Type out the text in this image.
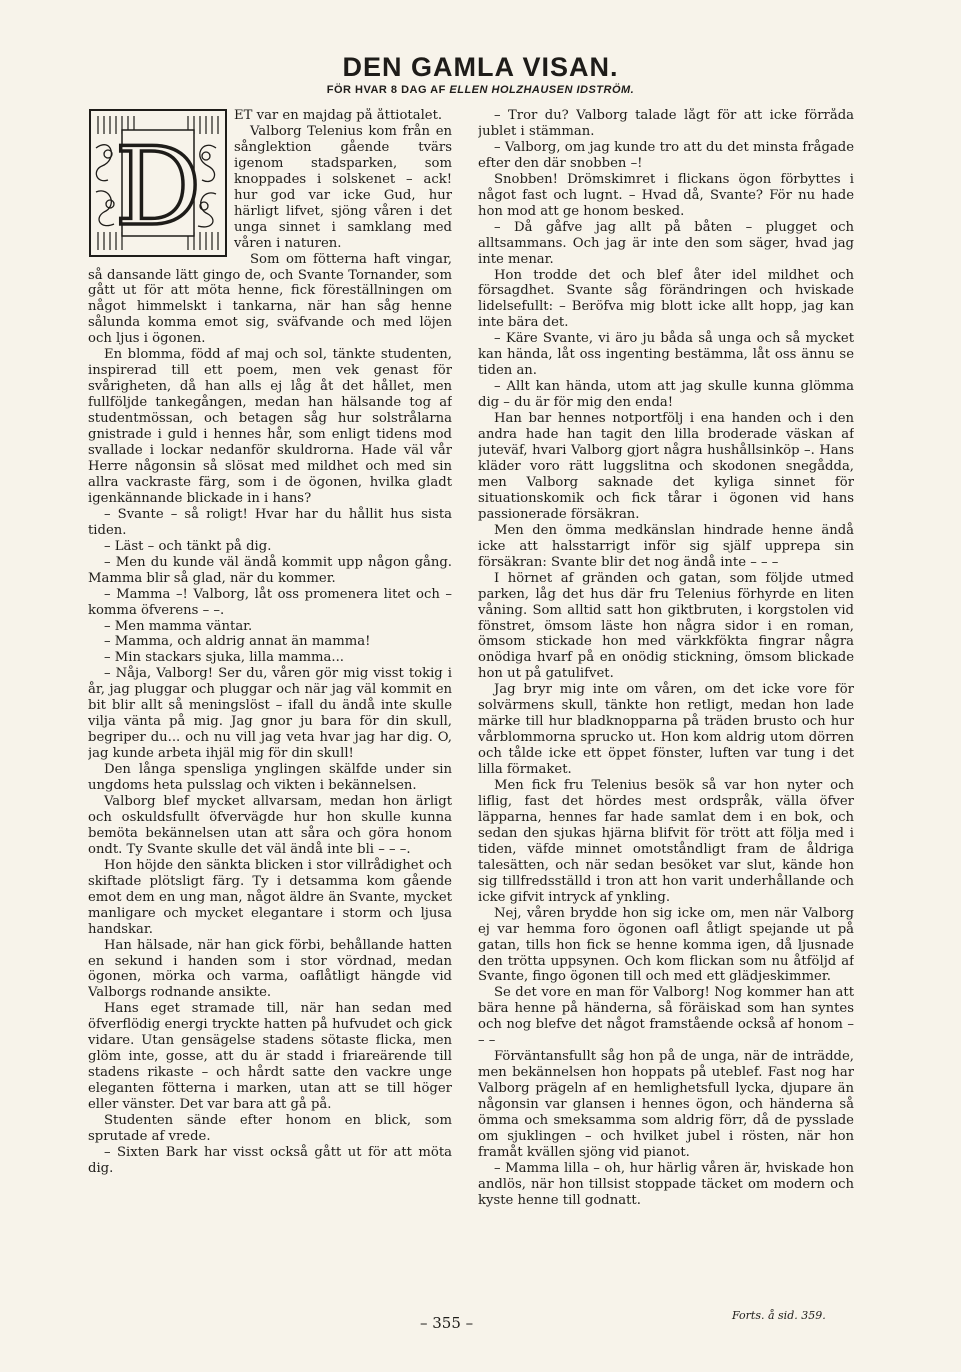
DEN GAMLA VISAN.
FÖR HVAR 8 DAG AF ELLEN HOLZHAUSEN IDSTRÖM.
D

ET var en majdag på åttiotalet.

Valborg Telenius kom från en sånglektion gående tvärs igenom stadsparken, som knoppades i solskenet – ack! hur god var icke Gud, hur härligt lifvet, sjöng våren i det unga sinnet i samklang med våren i naturen.

Som om fötterna haft vingar, så dansande lätt gingo de, och Svante Tornander, som gått ut för att möta henne, fick föreställningen om något himmelskt i tankarna, när han såg henne sålunda komma emot sig, sväfvande och med löjen och ljus i ögonen.

En blomma, född af maj och sol, tänkte studenten, inspirerad till ett poem, men vek genast för svårigheten, då han alls ej låg åt det hållet, men fullföljde tankegången, medan han hälsande tog af studentmössan, och betagen såg hur solstrålarna gnistrade i guld i hennes hår, som enligt tidens mod svallade i lockar nedanför skuldrorna. Hade väl vår Herre någonsin så slösat med mildhet och med sin allra vackraste färg, som i de ögonen, hvilka gladt igenkännande blickade in i hans?

– Svante – så roligt! Hvar har du hållit hus sista tiden.

– Läst – och tänkt på dig.

– Men du kunde väl ändå kommit upp någon gång. Mamma blir så glad, när du kommer.

– Mamma –! Valborg, låt oss promenera litet och – komma öfverens – –.

– Men mamma väntar.

– Mamma, och aldrig annat än mamma!

– Min stackars sjuka, lilla mamma...

– Nåja, Valborg! Ser du, våren gör mig visst tokig i år, jag pluggar och pluggar och när jag väl kommit en bit blir allt så meningslöst – ifall du ändå inte skulle vilja vänta på mig. Jag gnor ju bara för din skull, begriper du... och nu vill jag veta hvar jag har dig. O, jag kunde arbeta ihjäl mig för din skull!

Den långa spensliga ynglingen skälfde under sin ungdoms heta pulsslag och vikten i bekännelsen.

Valborg blef mycket allvarsam, medan hon ärligt och oskuldsfullt öfvervägde hur hon skulle kunna bemöta bekännelsen utan att såra och göra honom ondt. Ty Svante skulle det väl ändå inte bli – – –.

Hon höjde den sänkta blicken i stor villrådighet och skiftade plötsligt färg. Ty i detsamma kom gående emot dem en ung man, något äldre än Svante, mycket manligare och mycket elegantare i storm och ljusa handskar.

Han hälsade, när han gick förbi, behållande hatten en sekund i handen som i stor vördnad, medan ögonen, mörka och varma, oaflåtligt hängde vid Valborgs rodnande ansikte.

Hans eget stramade till, när han sedan med öfverflödig energi tryckte hatten på hufvudet och gick vidare. Utan gensägelse stadens sötaste flicka, men glöm inte, gosse, att du är stadd i friareärende till stadens rikaste – och hårdt satte den vackre unge eleganten fötterna i marken, utan att se till höger eller vänster. Det var bara att gå på.

Studenten sände efter honom en blick, som sprutade af vrede.

– Sixten Bark har visst också gått ut för att möta dig.

– Tror du? Valborg talade lågt för att icke förråda jublet i stämman.

– Valborg, om jag kunde tro att du det minsta frågade efter den där snobben –!

Snobben! Drömskimret i flickans ögon förbyttes i något fast och lugnt. – Hvad då, Svante? För nu hade hon mod att ge honom besked.

– Då gåfve jag allt på båten – plugget och alltsammans. Och jag är inte den som säger, hvad jag inte menar.

Hon trodde det och blef åter idel mildhet och försagdhet. Svante såg förändringen och hviskade lidelsefullt: – Beröfva mig blott icke allt hopp, jag kan inte bära det.

– Käre Svante, vi äro ju båda så unga och så mycket kan hända, låt oss ingenting bestämma, låt oss ännu se tiden an.

– Allt kan hända, utom att jag skulle kunna glömma dig – du är för mig den enda!

Han bar hennes notportfölj i ena handen och i den andra hade han tagit den lilla broderade väskan af juteväf, hvari Valborg gjort några hushållsinköp –. Hans kläder voro rätt luggslitna och skodonen snegådda, men Valborg saknade det kyliga sinnet för situationskomik och fick tårar i ögonen vid hans passionerade försäkran.

Men den ömma medkänslan hindrade henne ändå icke att halsstarrigt inför sig själf upprepa sin försäkran: Svante blir det nog ändå inte – – –

I hörnet af gränden och gatan, som följde utmed parken, låg det hus där fru Telenius förhyrde en liten våning. Som alltid satt hon giktbruten, i korgstolen vid fönstret, ömsom läste hon några sidor i en roman, ömsom stickade hon med värkkföktа fingrar några onödiga hvarf på en onödig stickning, ömsom blickade hon ut på gatulifvet.

Jag bryr mig inte om våren, om det icke vore för solvärmens skull, tänkte hon retligt, medan hon lade märke till hur bladknopparna på träden brusto och hur vårblommorna sprucko ut. Hon kom aldrig utom dörren och tålde icke ett öppet fönster, luften var tung i det lilla förmaket.

Men fick fru Telenius besök så var hon nyter och liflig, fast det hördes mest ordspråk, välla öfver läpparna, hennes far hade samlat dem i en bok, och sedan den sjukas hjärna blifvit för trött att följa med i tiden, väfde minnet omotståndligt fram de åldriga talesätten, och när sedan besöket var slut, kände hon sig tillfredsställd i tron att hon varit underhållande och icke gifvit intryck af ynkling.

Nej, våren brydde hon sig icke om, men när Valborg ej var hemma foro ögonen oafl åtligt spejande ut på gatan, tills hon fick se henne komma igen, då ljusnade den trötta uppsynen. Och kom flickan som nu åtföljd af Svante, fingo ögonen till och med ett glädjeskimmer.

Se det vore en man för Valborg! Nog kommer han att bära henne på händerna, så föräiskad som han syntes och nog blefve det något framstående också af honom – – –

Förväntansfullt såg hon på de unga, när de inträdde, men bekännelsen hon hoppats på uteblef. Fast nog har Valborg prägeln af en hemlighetsfull lycka, djupare än någonsin var glansen i hennes ögon, och händerna så ömma och smeksamma som aldrig förr, då de pysslade om sjuklingen – och hvilket jubel i rösten, när hon framåt kvällen sjöng vid pianot.

– Mamma lilla – oh, hur härlig våren är, hviskade hon andlös, när hon tillsist stoppade täcket om modern och kyste henne till godnatt.

– 355 –	Forts. å sid. 359.
